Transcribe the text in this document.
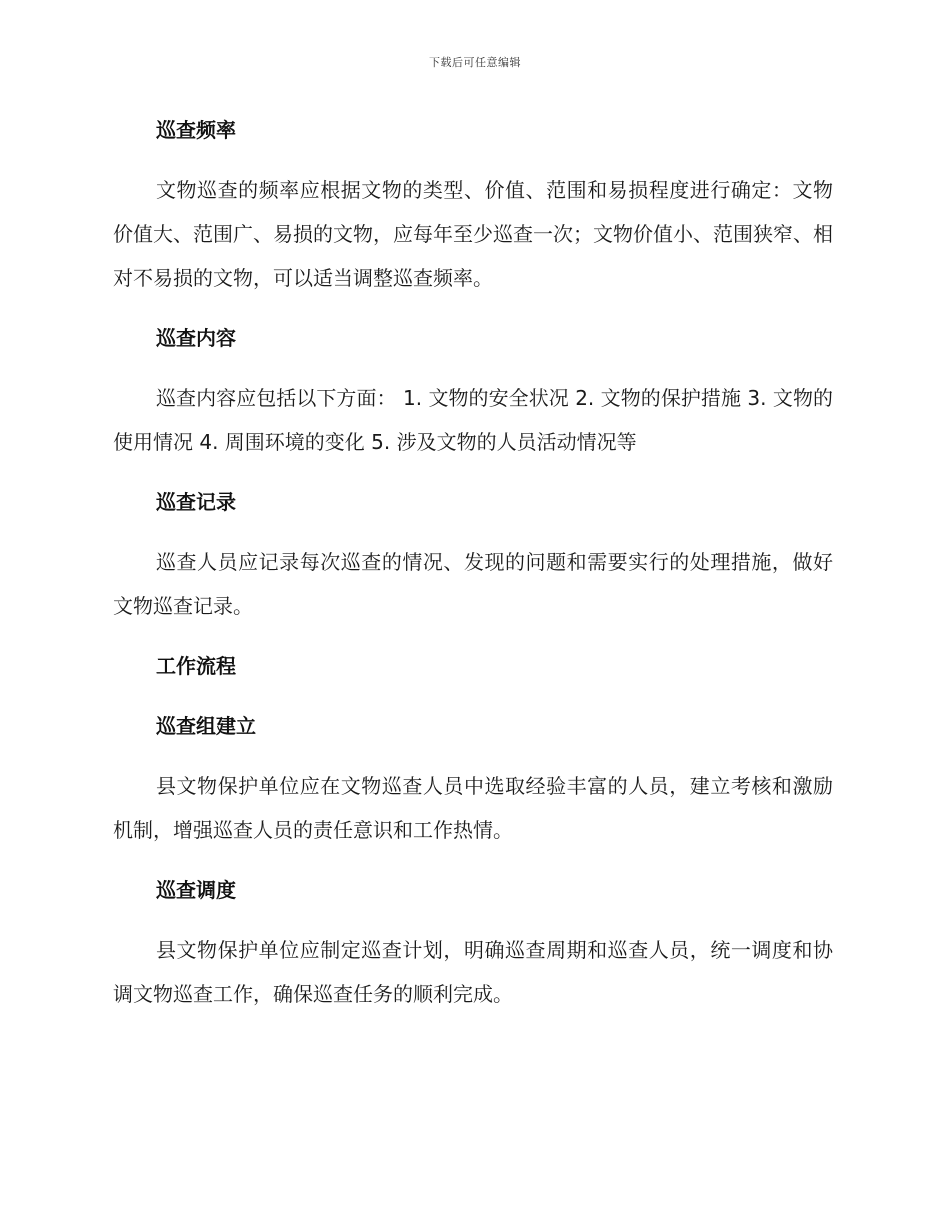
下载后可任意编辑
巡查频率
文物巡查的频率应根据文物的类型、价值、范围和易损程度进行确定：文物价值大、范围广、易损的文物，应每年至少巡查一次；文物价值小、范围狭窄、相对不易损的文物，可以适当调整巡查频率。
巡查内容
巡查内容应包括以下方面： 1. 文物的安全状况 2. 文物的保护措施 3. 文物的使用情况 4. 周围环境的变化 5. 涉及文物的人员活动情况等
巡查记录
巡查人员应记录每次巡查的情况、发现的问题和需要实行的处理措施，做好文物巡查记录。
工作流程
巡查组建立
县文物保护单位应在文物巡查人员中选取经验丰富的人员，建立考核和激励机制，增强巡查人员的责任意识和工作热情。
巡查调度
县文物保护单位应制定巡查计划，明确巡查周期和巡查人员，统一调度和协调文物巡查工作，确保巡查任务的顺利完成。
